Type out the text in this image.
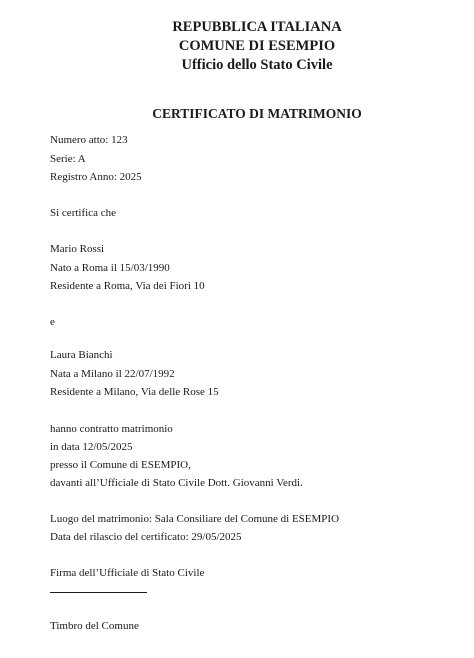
REPUBBLICA ITALIANA
COMUNE DI ESEMPIO
Ufficio dello Stato Civile
CERTIFICATO DI MATRIMONIO
Numero atto: 123
Serie: A
Registro Anno: 2025
Si certifica che
Mario Rossi
Nato a Roma il 15/03/1990
Residente a Roma, Via dei Fiori 10
e
Laura Bianchi
Nata a Milano il 22/07/1992
Residente a Milano, Via delle Rose 15
hanno contratto matrimonio
in data 12/05/2025
presso il Comune di ESEMPIO,
davanti all’Ufficiale di Stato Civile Dott. Giovanni Verdi.
Luogo del matrimonio: Sala Consiliare del Comune di ESEMPIO
Data del rilascio del certificato: 29/05/2025
Firma dell’Ufficiale di Stato Civile
Timbro del Comune
